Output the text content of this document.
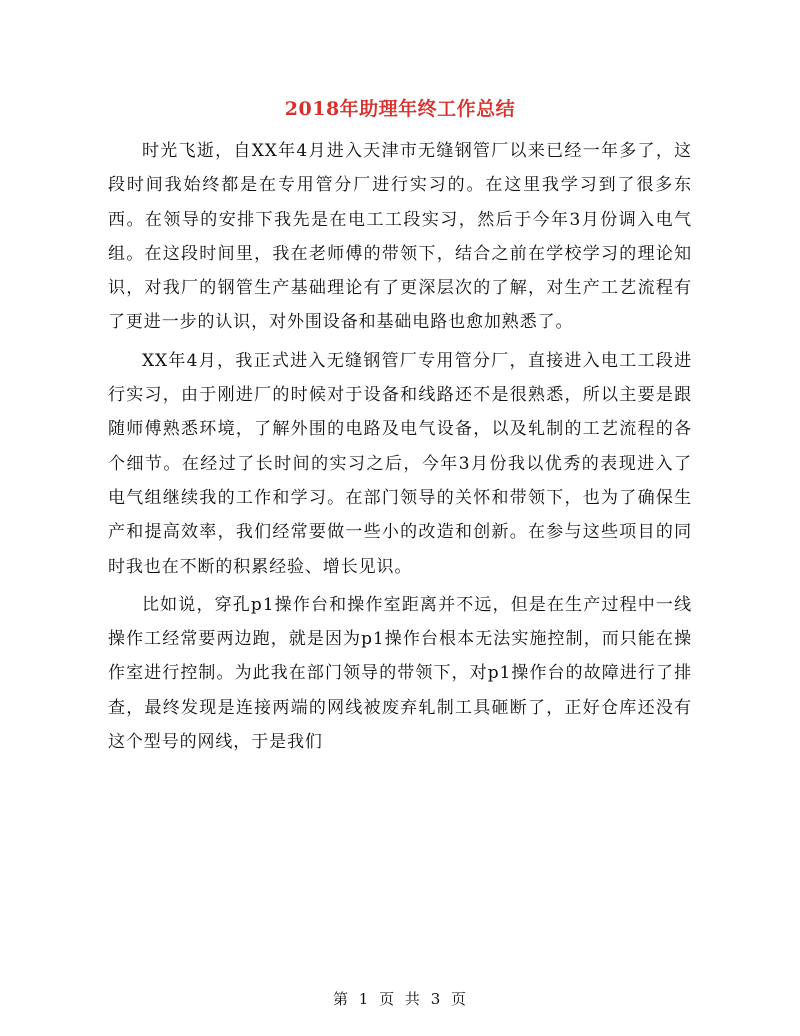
2018年助理年终工作总结

时光飞逝，自XX年4月进入天津市无缝钢管厂以来已经一年多了，这段时间我始终都是在专用管分厂进行实习的。在这里我学习到了很多东西。在领导的安排下我先是在电工工段实习，然后于今年3月份调入电气组。在这段时间里，我在老师傅的带领下，结合之前在学校学习的理论知识，对我厂的钢管生产基础理论有了更深层次的了解，对生产工艺流程有了更进一步的认识，对外围设备和基础电路也愈加熟悉了。

XX年4月，我正式进入无缝钢管厂专用管分厂，直接进入电工工段进行实习，由于刚进厂的时候对于设备和线路还不是很熟悉，所以主要是跟随师傅熟悉环境，了解外围的电路及电气设备，以及轧制的工艺流程的各个细节。在经过了长时间的实习之后，今年3月份我以优秀的表现进入了电气组继续我的工作和学习。在部门领导的关怀和带领下，也为了确保生产和提高效率，我们经常要做一些小的改造和创新。在参与这些项目的同时我也在不断的积累经验、增长见识。

比如说，穿孔p1操作台和操作室距离并不远，但是在生产过程中一线操作工经常要两边跑，就是因为p1操作台根本无法实施控制，而只能在操作室进行控制。为此我在部门领导的带领下，对p1操作台的故障进行了排查，最终发现是连接两端的网线被废弃轧制工具砸断了，正好仓库还没有这个型号的网线，于是我们

第 1 页 共 3 页
